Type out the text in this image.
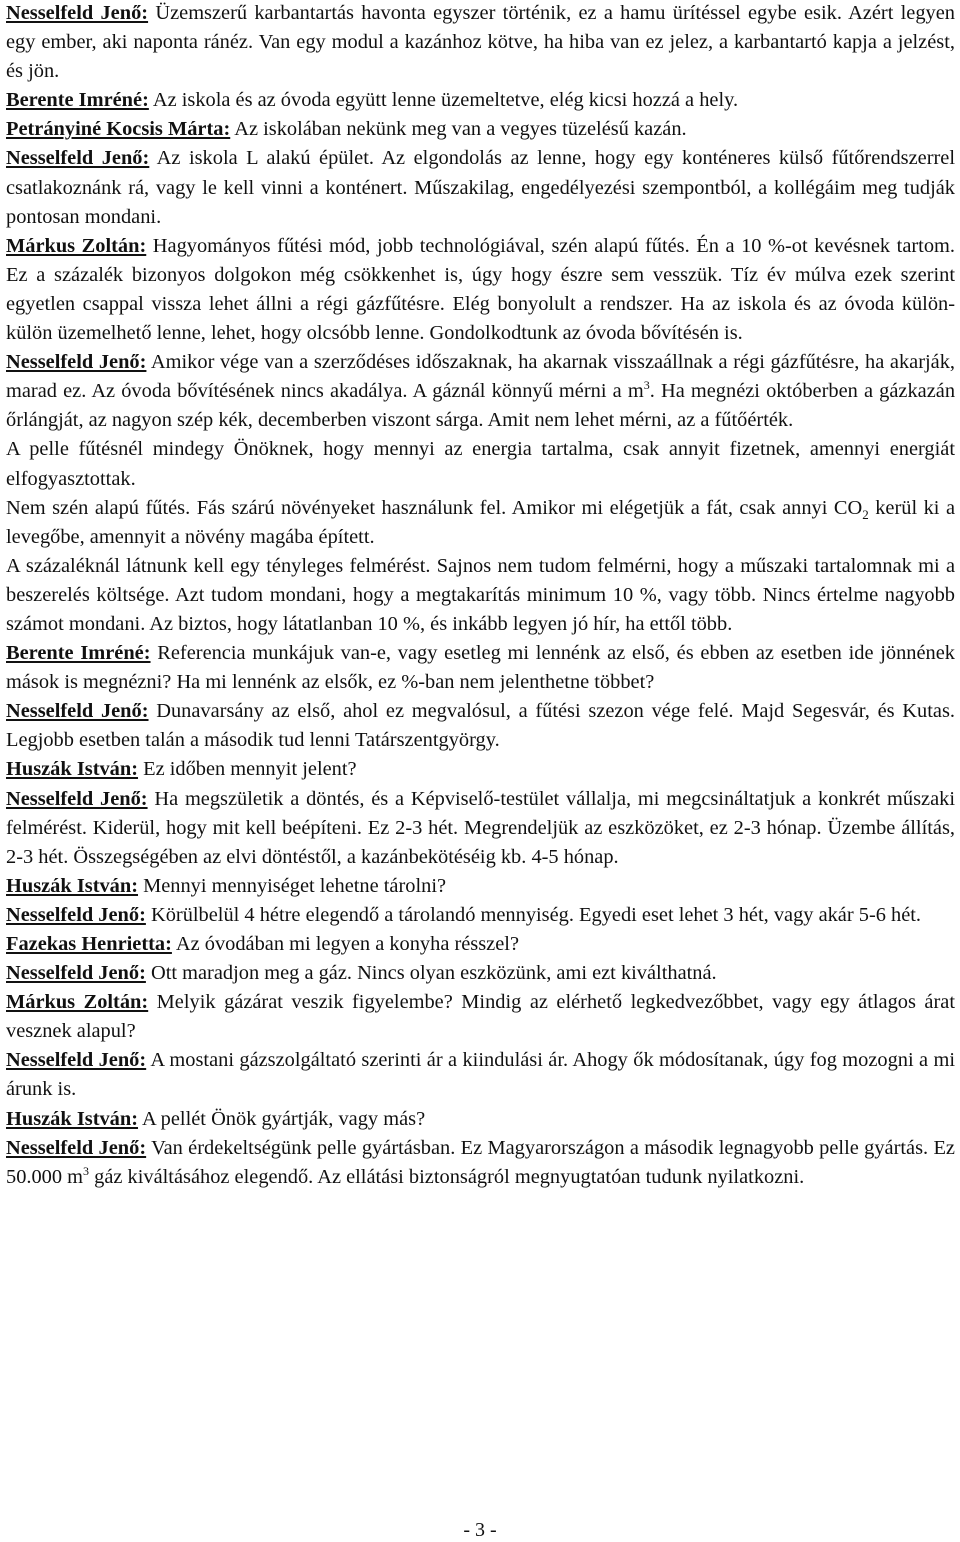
Nesselfeld Jenő: Üzemszerű karbantartás havonta egyszer történik, ez a hamu ürítéssel egybe esik. Azért legyen egy ember, aki naponta ránéz. Van egy modul a kazánhoz kötve, ha hiba van ez jelez, a karbantartó kapja a jelzést, és jön.

Berente Imréné: Az iskola és az óvoda együtt lenne üzemeltetve, elég kicsi hozzá a hely.

Petrányiné Kocsis Márta: Az iskolában nekünk meg van a vegyes tüzelésű kazán.

Nesselfeld Jenő: Az iskola L alakú épület. Az elgondolás az lenne, hogy egy konténeres külső fűtőrendszerrel csatlakoznánk rá, vagy le kell vinni a konténert. Műszakilag, engedélyezési szempontból, a kollégáim meg tudják pontosan mondani.

Márkus Zoltán: Hagyományos fűtési mód, jobb technológiával, szén alapú fűtés. Én a 10 %-ot kevésnek tartom. Ez a százalék bizonyos dolgokon még csökkenhet is, úgy hogy észre sem vesszük. Tíz év múlva ezek szerint egyetlen csappal vissza lehet állni a régi gázfűtésre. Elég bonyolult a rendszer. Ha az iskola és az óvoda külön-külön üzemelhető lenne, lehet, hogy olcsóbb lenne. Gondolkodtunk az óvoda bővítésén is.

Nesselfeld Jenő: Amikor vége van a szerződéses időszaknak, ha akarnak visszaállnak a régi gázfűtésre, ha akarják, marad ez. Az óvoda bővítésének nincs akadálya. A gáznál könnyű mérni a $m^3$. Ha megnézi októberben a gázkazán őrlángját, az nagyon szép kék, decemberben viszont sárga. Amit nem lehet mérni, az a fűtőérték.

A pelle fűtésnél mindegy Önöknek, hogy mennyi az energia tartalma, csak annyit fizetnek, amennyi energiát elfogyasztottak.

Nem szén alapú fűtés. Fás szárú növényeket használunk fel. Amikor mi elégetjük a fát, csak annyi $CO_2$ kerül ki a levegőbe, amennyit a növény magába épített.

A százaléknál látnunk kell egy tényleges felmérést. Sajnos nem tudom felmérni, hogy a műszaki tartalomnak mi a beszerelés költsége. Azt tudom mondani, hogy a megtakarítás minimum 10 %, vagy több. Nincs értelme nagyobb számot mondani. Az biztos, hogy látatlanban 10 %, és inkább legyen jó hír, ha ettől több.

Berente Imréné: Referencia munkájuk van-e, vagy esetleg mi lennénk az első, és ebben az esetben ide jönnének mások is megnézni? Ha mi lennénk az elsők, ez %-ban nem jelenthetne többet?

Nesselfeld Jenő: Dunavarsány az első, ahol ez megvalósul, a fűtési szezon vége felé. Majd Segesvár, és Kutas. Legjobb esetben talán a második tud lenni Tatárszentgyörgy.

Huszák István: Ez időben mennyit jelent?

Nesselfeld Jenő: Ha megszületik a döntés, és a Képviselő-testület vállalja, mi megcsináltatjuk a konkrét műszaki felmérést. Kiderül, hogy mit kell beépíteni. Ez 2-3 hét. Megrendeljük az eszközöket, ez 2-3 hónap. Üzembe állítás, 2-3 hét. Összegségében az elvi döntéstől, a kazánbekötéséig kb. 4-5 hónap.

Huszák István: Mennyi mennyiséget lehetne tárolni?

Nesselfeld Jenő: Körülbelül 4 hétre elegendő a tárolandó mennyiség. Egyedi eset lehet 3 hét, vagy akár 5-6 hét.

Fazekas Henrietta: Az óvodában mi legyen a konyha résszel?

Nesselfeld Jenő: Ott maradjon meg a gáz. Nincs olyan eszközünk, ami ezt kiválthatná.

Márkus Zoltán: Melyik gázárat veszik figyelembe? Mindig az elérhető legkedvezőbbet, vagy egy átlagos árat vesznek alapul?

Nesselfeld Jenő: A mostani gázszolgáltató szerinti ár a kiindulási ár. Ahogy ők módosítanak, úgy fog mozogni a mi árunk is.

Huszák István: A pellét Önök gyártják, vagy más?

Nesselfeld Jenő: Van érdekeltségünk pelle gyártásban. Ez Magyarországon a második legnagyobb pelle gyártás. Ez 50.000 $m^3$ gáz kiváltásához elegendő. Az ellátási biztonságról megnyugtatóan tudunk nyilatkozni.

- 3 -
